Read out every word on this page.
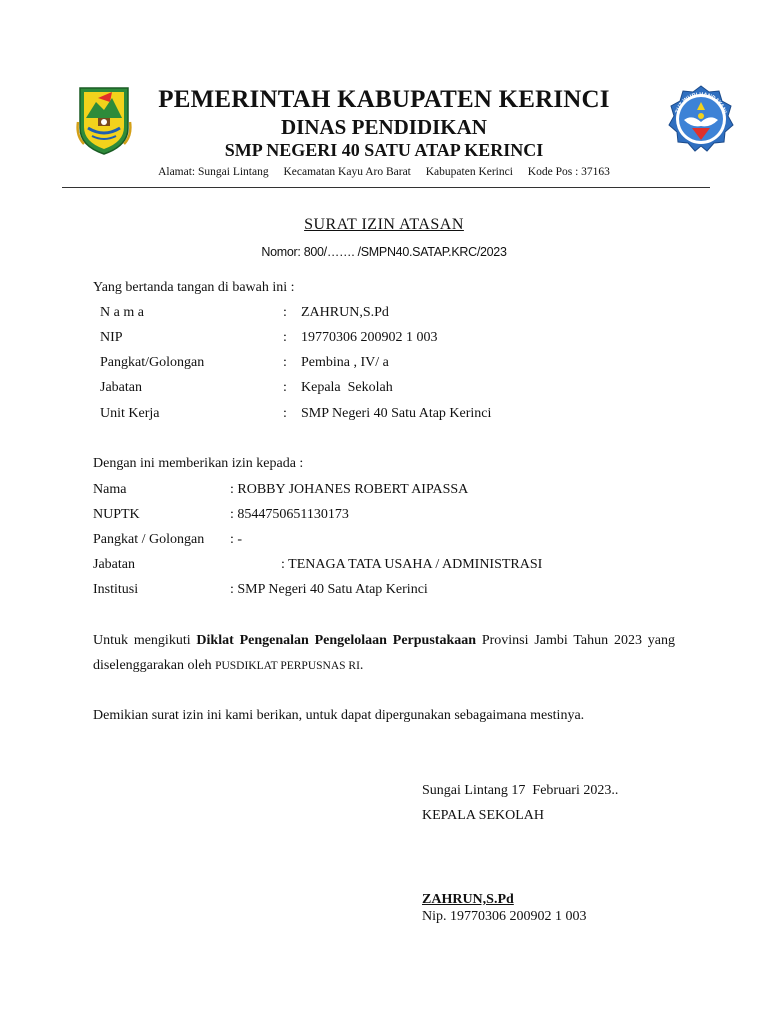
PEMERINTAH KABUPATEN KERINCI
DINAS PENDIDIKAN
SMP NEGERI 40 SATU ATAP KERINCI
Alamat: Sungai Lintang Kecamatan Kayu Aro Barat Kabupaten Kerinci Kode Pos : 37163
TUT WURI HANDAYANI
SURAT IZIN ATASAN
Nomor: 800/……. /SMPN40.SATAP.KRC/2023
Yang bertanda tangan di bawah ini :
N a m a	: ZAHRUN,S.Pd
NIP	: 19770306 200902 1 003
Pangkat/Golongan	: Pembina , IV/ a
Jabatan	: Kepala  Sekolah
Unit Kerja	: SMP Negeri 40 Satu Atap Kerinci
Dengan ini memberikan izin kepada :
Nama	: ROBBY JOHANES ROBERT AIPASSA
NUPTK	: 8544750651130173
Pangkat / Golongan : -
Jabatan	: TENAGA TATA USAHA / ADMINISTRASI
Institusi	: SMP Negeri 40 Satu Atap Kerinci
Untuk mengikuti Diklat Pengenalan Pengelolaan Perpustakaan Provinsi Jambi Tahun 2023 yang diselenggarakan oleh PUSDIKLAT PERPUSNAS RI.
Demikian surat izin ini kami berikan, untuk dapat dipergunakan sebagaimana mestinya.
Sungai Lintang 17  Februari 2023..
KEPALA SEKOLAH
ZAHRUN,S.Pd
Nip. 19770306 200902 1 003
